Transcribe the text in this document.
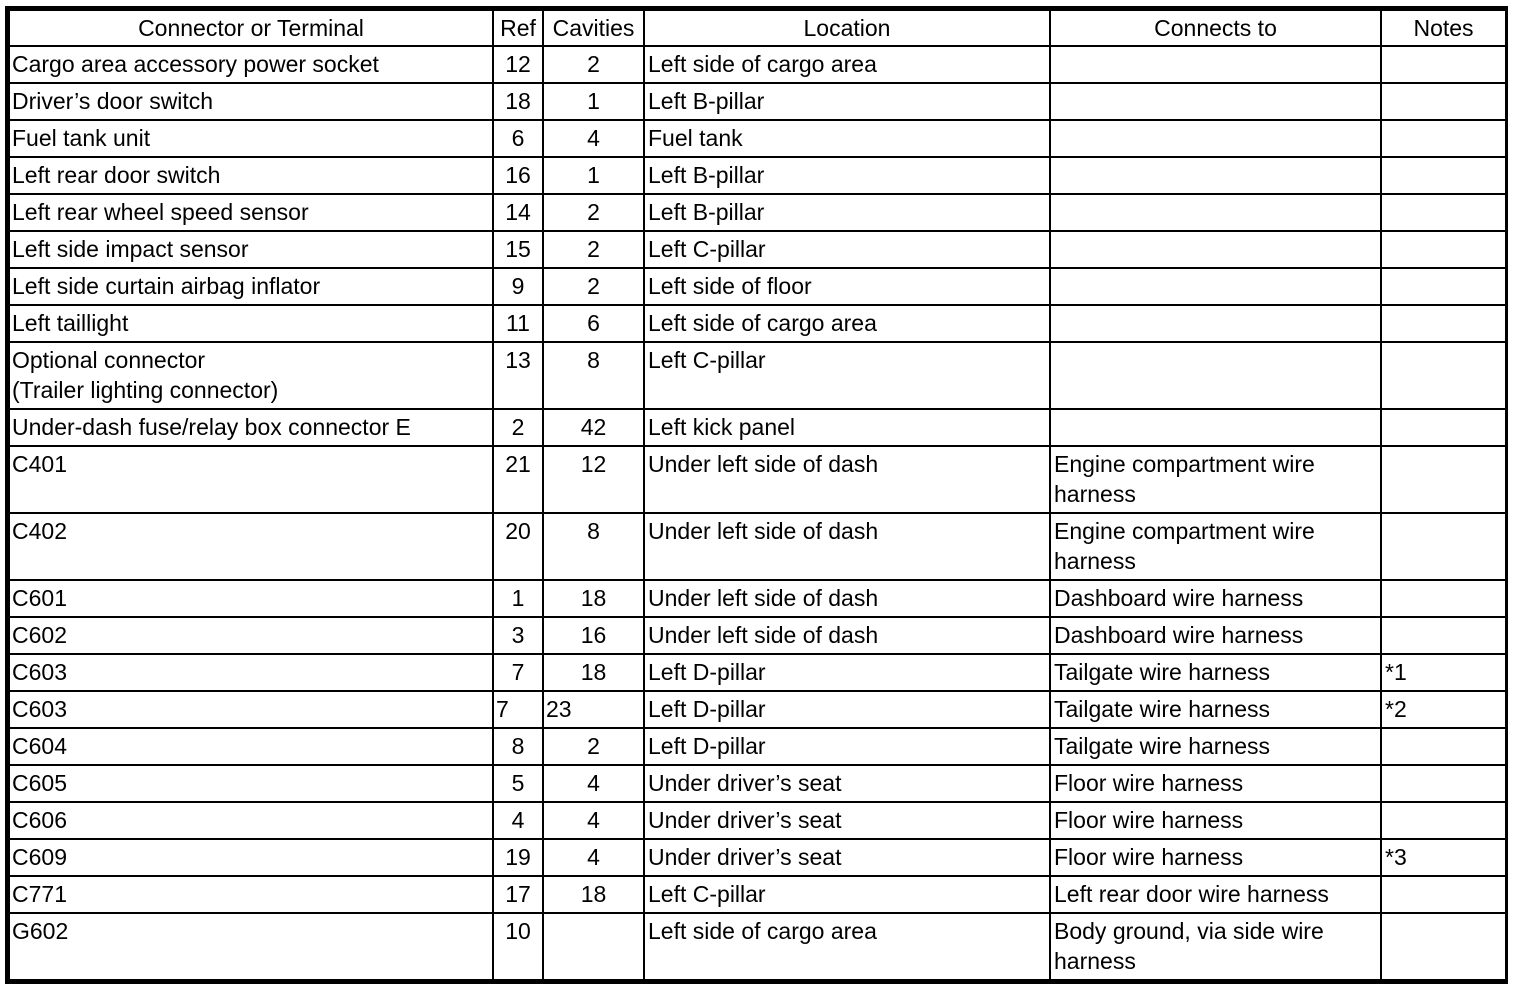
Connector or Terminal	Ref	Cavities	Location	Connects to	Notes

Cargo area accessory power socket	12	2	Left side of cargo area		

Driver’s door switch	18	1	Left B-pillar		

Fuel tank unit	6	4	Fuel tank		

Left rear door switch	16	1	Left B-pillar		

Left rear wheel speed sensor	14	2	Left B-pillar		

Left side impact sensor	15	2	Left C-pillar		

Left side curtain airbag inflator	9	2	Left side of floor		

Left taillight	11	6	Left side of cargo area		

Optional connector
(Trailer lighting connector)	13	8	Left C-pillar		

Under-dash fuse/relay box connector E	2	42	Left kick panel		

C401	21	12	Under left side of dash	Engine compartment wire
harness	

C402	20	8	Under left side of dash	Engine compartment wire
harness	

C601	1	18	Under left side of dash	Dashboard wire harness	

C602	3	16	Under left side of dash	Dashboard wire harness	

C603	7	18	Left D-pillar	Tailgate wire harness	*1

C603	7	23	Left D-pillar	Tailgate wire harness	*2

C604	8	2	Left D-pillar	Tailgate wire harness	

C605	5	4	Under driver’s seat	Floor wire harness	

C606	4	4	Under driver’s seat	Floor wire harness	

C609	19	4	Under driver’s seat	Floor wire harness	*3

C771	17	18	Left C-pillar	Left rear door wire harness	

G602	10		Left side of cargo area	Body ground, via side wire
harness	
